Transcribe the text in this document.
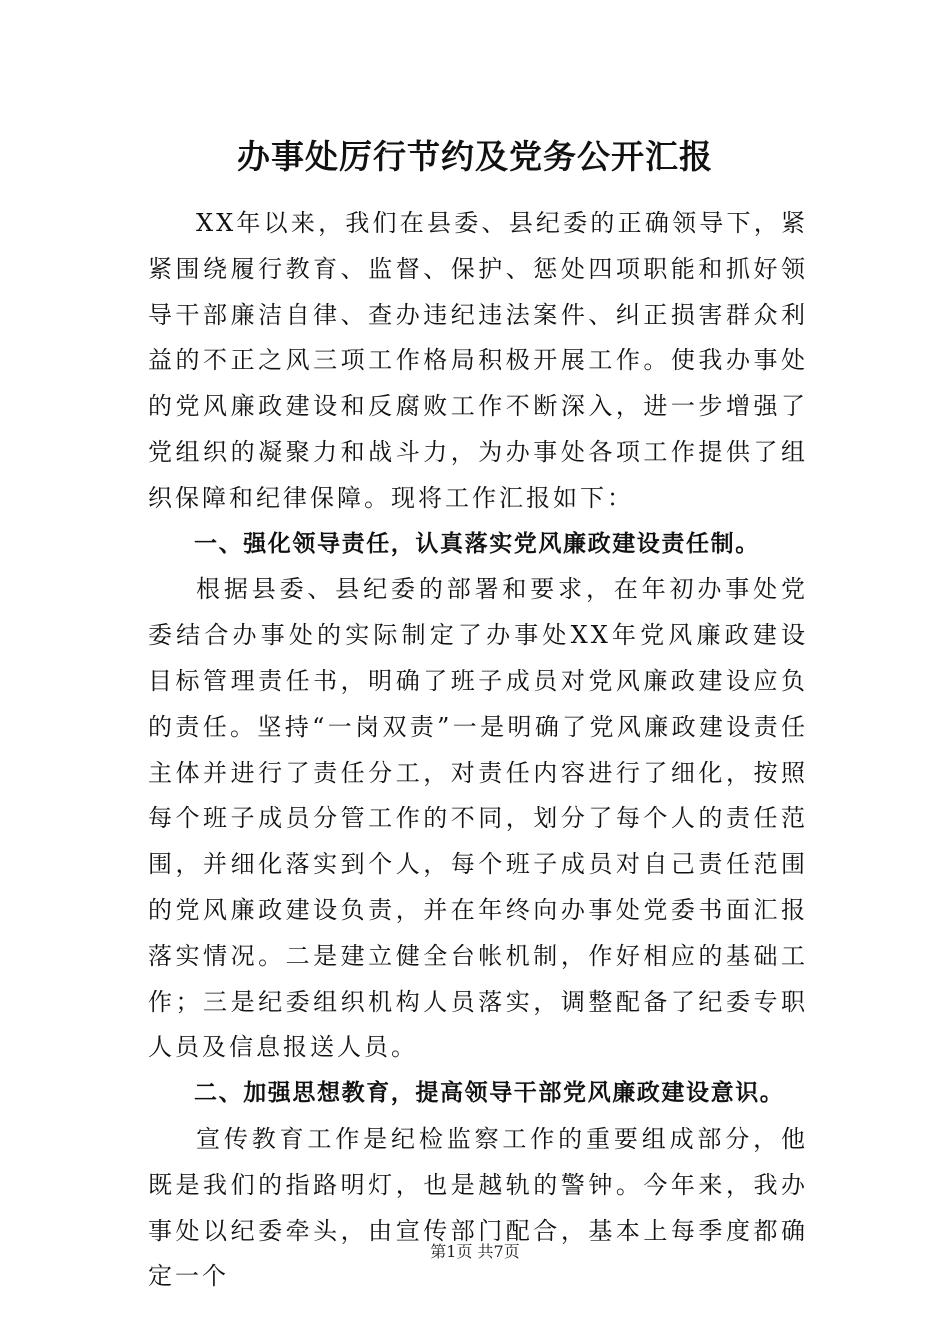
办事处厉行节约及党务公开汇报

XX年以来，我们在县委、县纪委的正确领导下，紧紧围绕履行教育、监督、保护、惩处四项职能和抓好领导干部廉洁自律、查办违纪违法案件、纠正损害群众利益的不正之风三项工作格局积极开展工作。使我办事处的党风廉政建设和反腐败工作不断深入，进一步增强了党组织的凝聚力和战斗力，为办事处各项工作提供了组织保障和纪律保障。现将工作汇报如下：

一、强化领导责任，认真落实党风廉政建设责任制。

根据县委、县纪委的部署和要求，在年初办事处党委结合办事处的实际制定了办事处XX年党风廉政建设目标管理责任书，明确了班子成员对党风廉政建设应负的责任。坚持“一岗双责”一是明确了党风廉政建设责任主体并进行了责任分工，对责任内容进行了细化，按照每个班子成员分管工作的不同，划分了每个人的责任范围，并细化落实到个人，每个班子成员对自己责任范围的党风廉政建设负责，并在年终向办事处党委书面汇报落实情况。二是建立健全台帐机制，作好相应的基础工作；三是纪委组织机构人员落实，调整配备了纪委专职人员及信息报送人员。

二、加强思想教育，提高领导干部党风廉政建设意识。

宣传教育工作是纪检监察工作的重要组成部分，他既是我们的指路明灯，也是越轨的警钟。今年来，我办事处以纪委牵头，由宣传部门配合，基本上每季度都确定一个

第1页 共7页
